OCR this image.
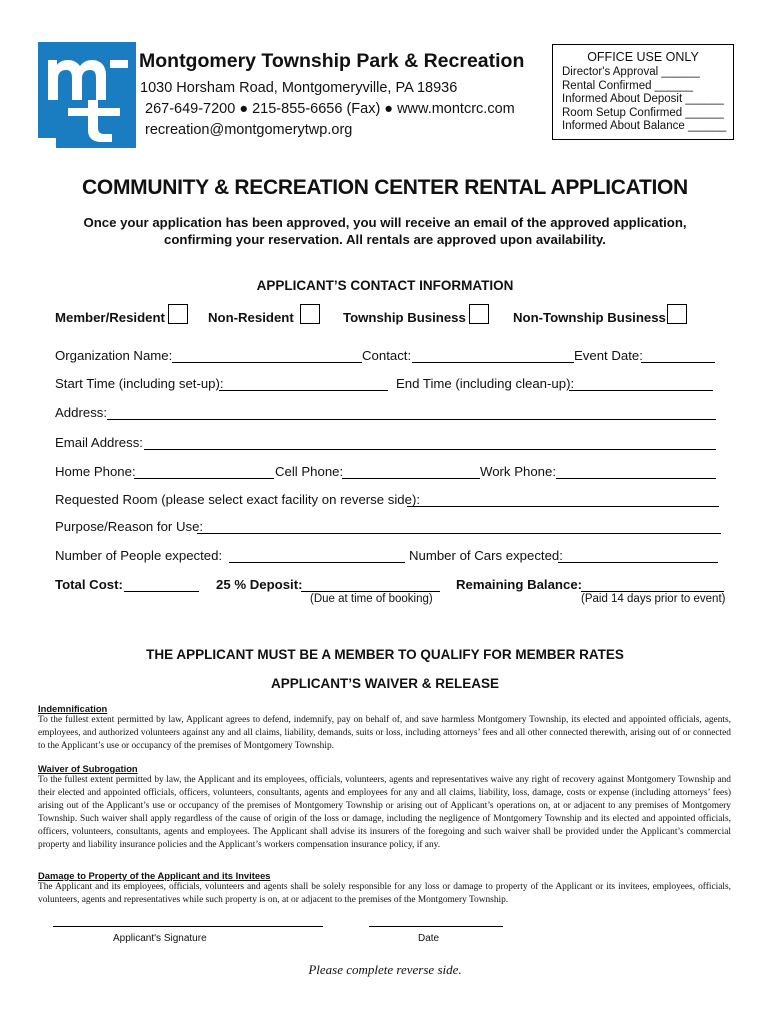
Montgomery Township Park & Recreation
1030 Horsham Road, Montgomeryville, PA 18936
267-649-7200 ● 215-855-6656 (Fax) ● www.montcrc.com
recreation@montgomerytwp.org
OFFICE USE ONLY
Director's Approval ______
Rental Confirmed ______
Informed About Deposit ______
Room Setup Confirmed ______
Informed About Balance ______
COMMUNITY & RECREATION CENTER RENTAL APPLICATION
Once your application has been approved, you will receive an email of the approved application,
confirming your reservation. All rentals are approved upon availability.
APPLICANT’S CONTACT INFORMATION
Member/Resident	Non-Resident	Township Business	Non-Township Business
Organization Name:	Contact:	Event Date:
Start Time (including set-up):	End Time (including clean-up):
Address:
Email Address:
Home Phone:	Cell Phone:	Work Phone:
Requested Room (please select exact facility on reverse side):
Purpose/Reason for Use:
Number of People expected:	Number of Cars expected:
Total Cost:	25 % Deposit:	Remaining Balance:
(Due at time of booking)	(Paid 14 days prior to event)
THE APPLICANT MUST BE A MEMBER TO QUALIFY FOR MEMBER RATES
APPLICANT’S WAIVER & RELEASE
Indemnification
To the fullest extent permitted by law, Applicant agrees to defend, indemnify, pay on behalf of, and save harmless Montgomery Township, its elected and appointed officials, agents, employees, and authorized volunteers against any and all claims, liability, demands, suits or loss, including attorneys’ fees and all other connected therewith, arising out of or connected to the Applicant’s use or occupancy of the premises of Montgomery Township.
Waiver of Subrogation
To the fullest extent permitted by law, the Applicant and its employees, officials, volunteers, agents and representatives waive any right of recovery against Montgomery Township and their elected and appointed officials, officers, volunteers, consultants, agents and employees for any and all claims, liability, loss, damage, costs or expense (including attorneys’ fees) arising out of the Applicant’s use or occupancy of the premises of Montgomery Township or arising out of Applicant’s operations on, at or adjacent to any premises of Montgomery Township. Such waiver shall apply regardless of the cause of origin of the loss or damage, including the negligence of Montgomery Township and its elected and appointed officials, officers, volunteers, consultants, agents and employees. The Applicant shall advise its insurers of the foregoing and such waiver shall be provided under the Applicant’s commercial property and liability insurance policies and the Applicant’s workers compensation insurance policy, if any.
Damage to Property of the Applicant and its Invitees
The Applicant and its employees, officials, volunteers and agents shall be solely responsible for any loss or damage to property of the Applicant or its invitees, employees, officials, volunteers, agents and representatives while such property is on, at or adjacent to the premises of the Montgomery Township.
Applicant's Signature	Date
Please complete reverse side.
